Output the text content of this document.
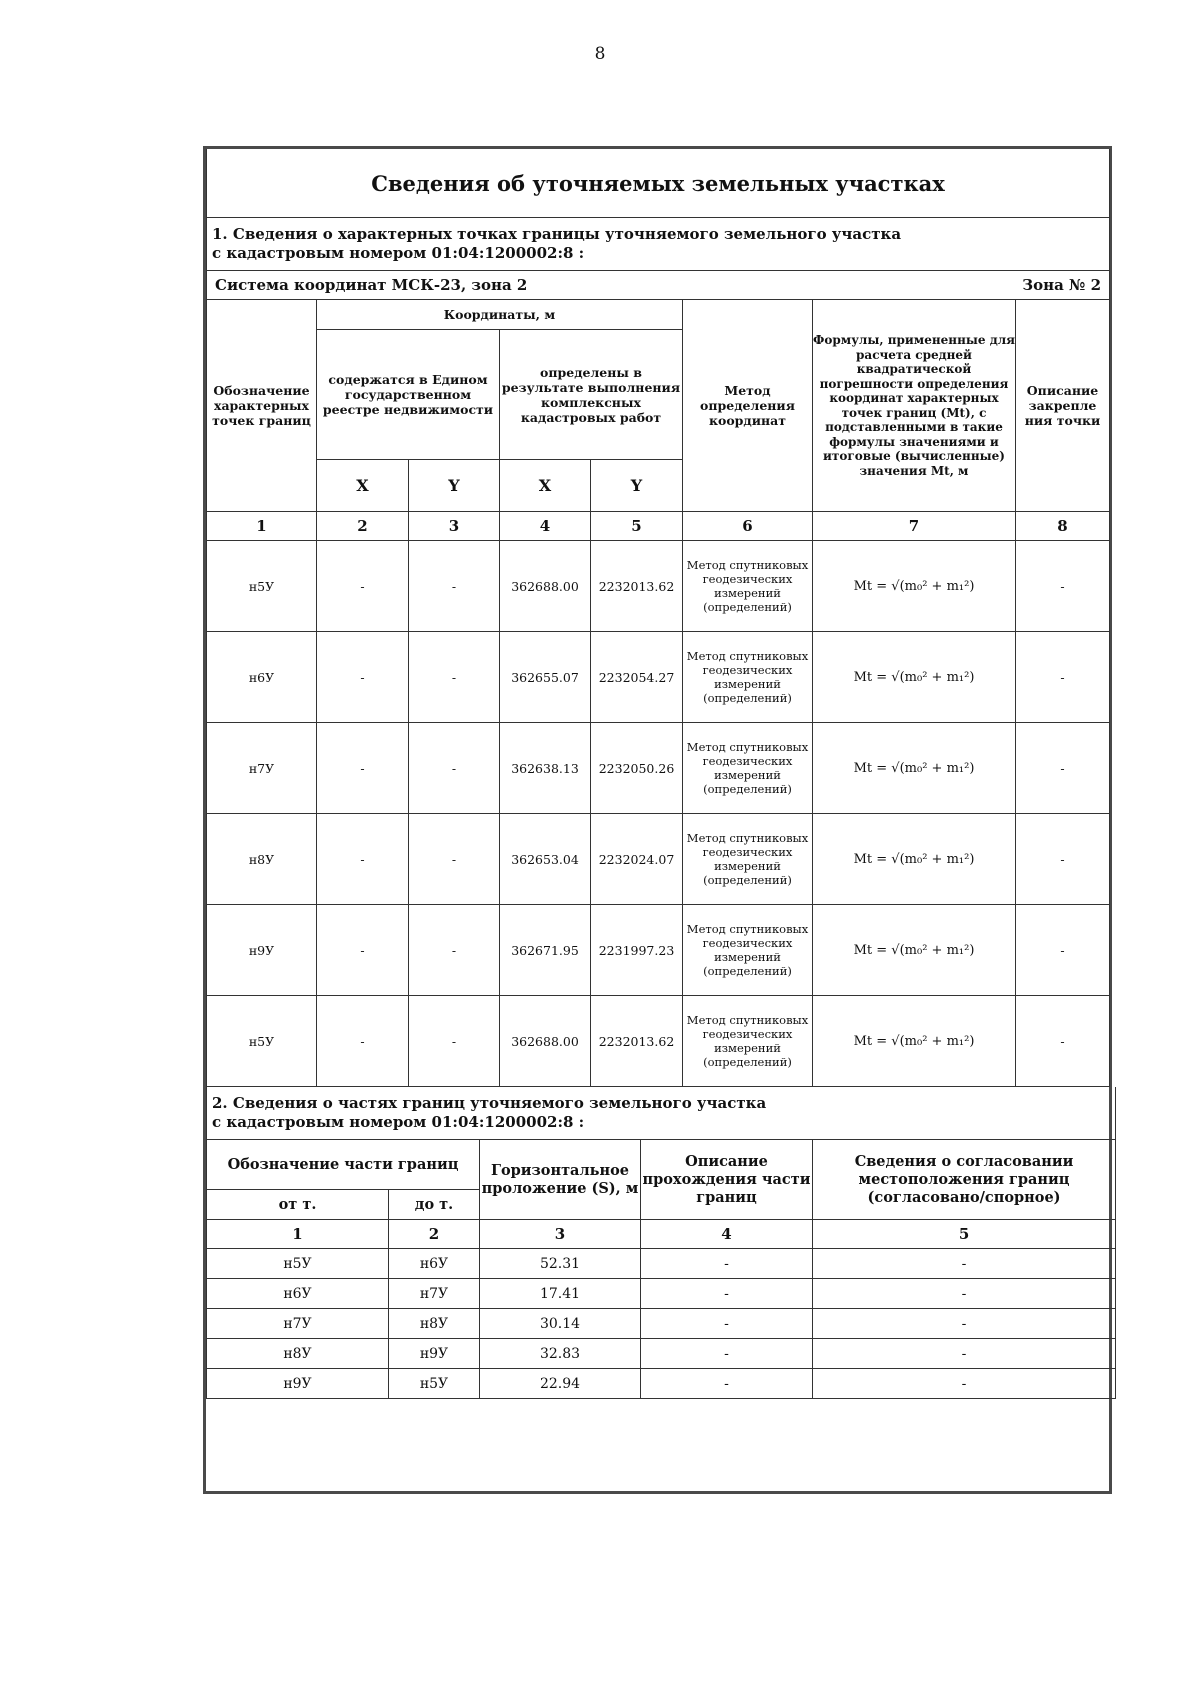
8
Сведения об уточняемых земельных участках							

1. Сведения о характерных точках границы уточняемого земельного участка
с кадастровым номером 01:04:1200002:8 :							

Система координат МСК-23, зона 2 Зона № 2							

Обозначение характерных точек границ	Координаты, м				Метод определения координат	Формулы, примененные для расчета средней квадратической погрешности определения координат характерных точек границ (Mt), с подставленными в такие формулы значениями и итоговые (вычисленные) значения Mt, м	Описание закрепле ния точки
	содержатся в Едином государственном реестре недвижимости		определены в результате выполнения комплексных кадастровых работ				
	X	Y	X	Y			
1	2	3	4	5	6	7	8
н5У	-	-	362688.00	2232013.62	Метод спутниковых геодезических измерений (определений)	Mt = √(m₀² + m₁²)	-
н6У	-	-	362655.07	2232054.27	Метод спутниковых геодезических измерений (определений)	Mt = √(m₀² + m₁²)	-
н7У	-	-	362638.13	2232050.26	Метод спутниковых геодезических измерений (определений)	Mt = √(m₀² + m₁²)	-
н8У	-	-	362653.04	2232024.07	Метод спутниковых геодезических измерений (определений)	Mt = √(m₀² + m₁²)	-
н9У	-	-	362671.95	2231997.23	Метод спутниковых геодезических измерений (определений)	Mt = √(m₀² + m₁²)	-
н5У	-	-	362688.00	2232013.62	Метод спутниковых геодезических измерений (определений)	Mt = √(m₀² + m₁²)	-
2. Сведения о частях границ уточняемого земельного участка
с кадастровым номером 01:04:1200002:8 :				

Обозначение части границ		Горизонтальное проложение (S), м	Описание прохождения части границ	Сведения о согласовании местоположения границ (согласовано/спорное)
от т.	до т.			
1	2	3	4	5
н5У	н6У	52.31	-	-
н6У	н7У	17.41	-	-
н7У	н8У	30.14	-	-
н8У	н9У	32.83	-	-
н9У	н5У	22.94	-	-
